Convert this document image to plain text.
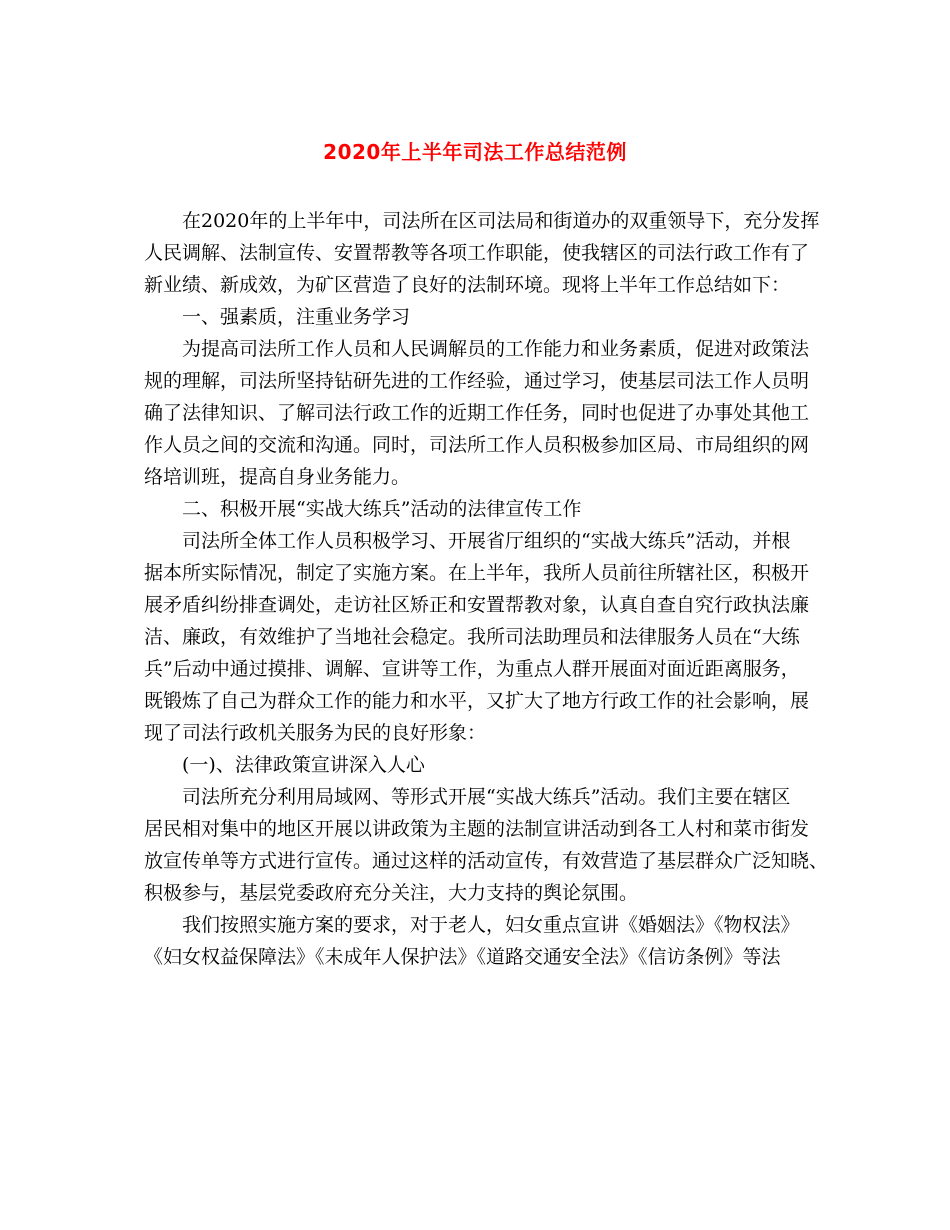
2020年上半年司法工作总结范例
在2020年的上半年中，司法所在区司法局和街道办的双重领导下，充分发挥
人民调解、法制宣传、安置帮教等各项工作职能，使我辖区的司法行政工作有了
新业绩、新成效，为矿区营造了良好的法制环境。现将上半年工作总结如下：
一、强素质，注重业务学习
为提高司法所工作人员和人民调解员的工作能力和业务素质，促进对政策法
规的理解，司法所坚持钻研先进的工作经验，通过学习，使基层司法工作人员明
确了法律知识、了解司法行政工作的近期工作任务，同时也促进了办事处其他工
作人员之间的交流和沟通。同时，司法所工作人员积极参加区局、市局组织的网
络培训班，提高自身业务能力。
二、积极开展“实战大练兵”活动的法律宣传工作
司法所全体工作人员积极学习、开展省厅组织的“实战大练兵”活动，并根
据本所实际情况，制定了实施方案。在上半年，我所人员前往所辖社区，积极开
展矛盾纠纷排查调处，走访社区矫正和安置帮教对象，认真自查自究行政执法廉
洁、廉政，有效维护了当地社会稳定。我所司法助理员和法律服务人员在“大练
兵”后动中通过摸排、调解、宣讲等工作，为重点人群开展面对面近距离服务，
既锻炼了自己为群众工作的能力和水平，又扩大了地方行政工作的社会影响，展
现了司法行政机关服务为民的良好形象：
(一)、法律政策宣讲深入人心
司法所充分利用局域网、等形式开展“实战大练兵”活动。我们主要在辖区
居民相对集中的地区开展以讲政策为主题的法制宣讲活动到各工人村和菜市街发
放宣传单等方式进行宣传。通过这样的活动宣传，有效营造了基层群众广泛知晓、
积极参与，基层党委政府充分关注，大力支持的舆论氛围。
我们按照实施方案的要求，对于老人，妇女重点宣讲《婚姻法》《物权法》
《妇女权益保障法》《未成年人保护法》《道路交通安全法》《信访条例》等法
